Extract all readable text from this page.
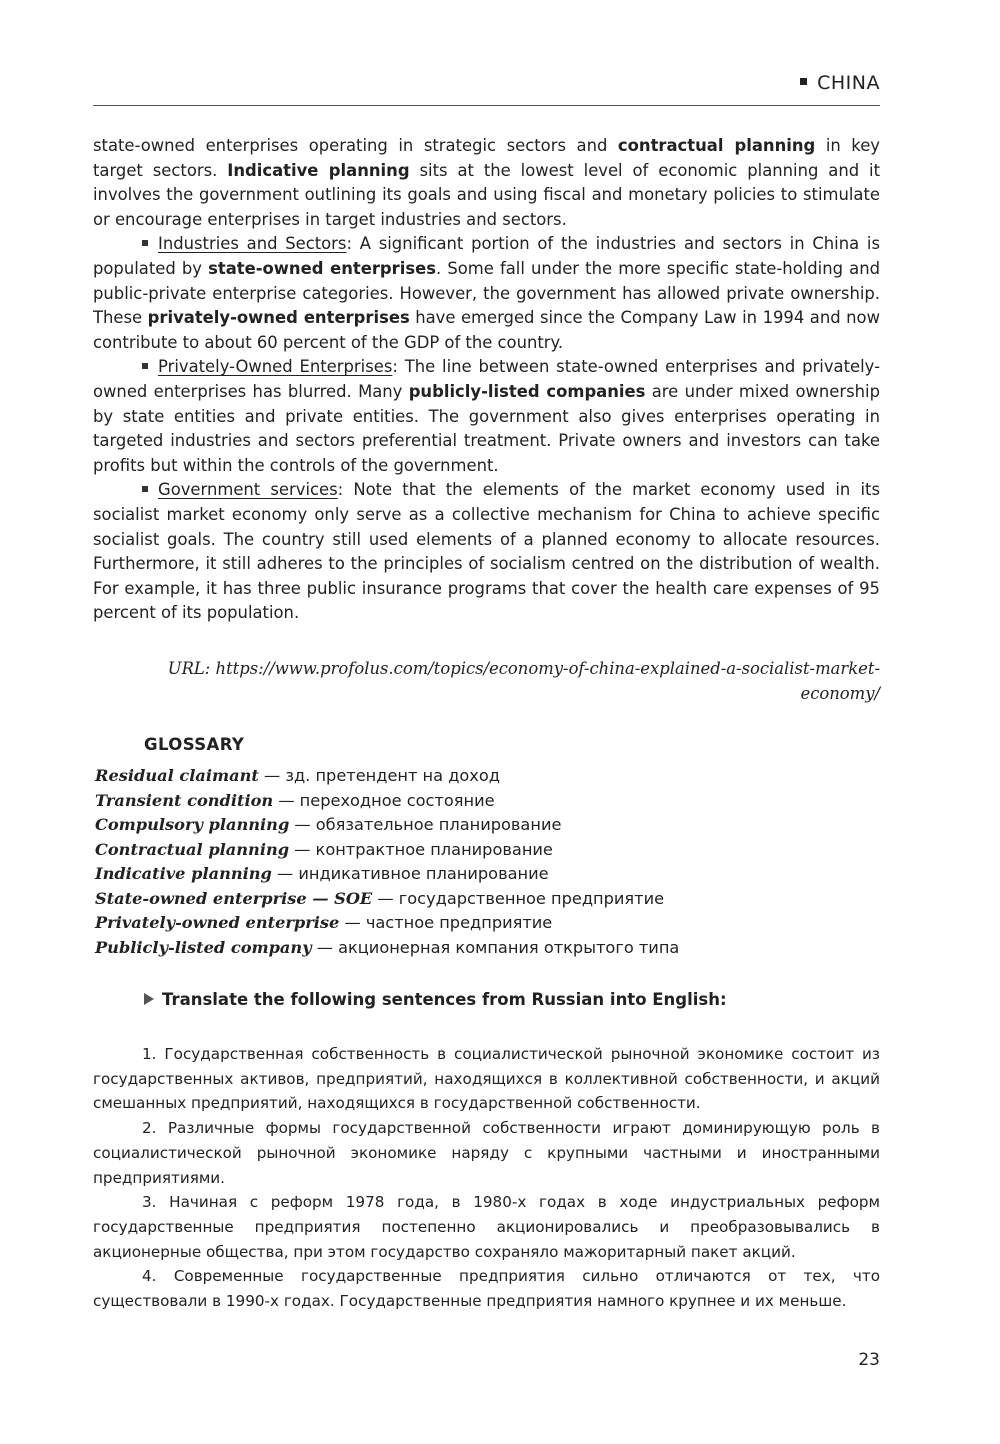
CHINA

state-owned enterprises operating in strategic sectors and contractual planning in key target sectors. Indicative planning sits at the lowest level of economic planning and it involves the government outlining its goals and using fiscal and monetary policies to stimulate or encourage enterprises in target industries and sectors.

Industries and Sectors: A significant portion of the industries and sectors in China is populated by state-owned enterprises. Some fall under the more specific state-holding and public-private enterprise categories. However, the government has allowed private ownership. These privately-owned enterprises have emerged since the Company Law in 1994 and now contribute to about 60 percent of the GDP of the country.

Privately-Owned Enterprises: The line between state-owned enterprises and privately-owned enterprises has blurred. Many publicly-listed companies are under mixed ownership by state entities and private entities. The government also gives enterprises operating in targeted industries and sectors preferential treatment. Private owners and investors can take profits but within the controls of the government.

Government services: Note that the elements of the market economy used in its socialist market economy only serve as a collective mechanism for China to achieve specific socialist goals. The country still used elements of a planned economy to allocate resources. Furthermore, it still adheres to the principles of socialism centred on the distribution of wealth. For example, it has three public insurance programs that cover the health care expenses of 95 percent of its population.

URL: https://www.profolus.com/topics/economy-of-china-explained-a-socialist-market-
economy/
GLOSSARY
Residual claimant — зд. претендент на доход
Transient condition — переходное состояние
Compulsory planning — обязательное планирование
Contractual planning — контрактное планирование
Indicative planning — индикативное планирование
State-owned enterprise — SOE — государственное предприятие
Privately-owned enterprise — частное предприятие
Publicly-listed company — акционерная компания открытого типа
Translate the following sentences from Russian into English:

1. Государственная собственность в социалистической рыночной экономике состоит из государственных активов, предприятий, находящихся в коллективной собственности, и акций смешанных предприятий, находящихся в государственной собственности.

2. Различные формы государственной собственности играют доминирующую роль в социалистической рыночной экономике наряду с крупными частными и иностранными предприятиями.

3. Начиная с реформ 1978 года, в 1980-х годах в ходе индустриальных реформ государственные предприятия постепенно акционировались и преобразовывались в акционерные общества, при этом государство сохраняло мажоритарный пакет акций.

4. Современные государственные предприятия сильно отличаются от тех, что существовали в 1990-х годах. Государственные предприятия намного крупнее и их меньше.

23
